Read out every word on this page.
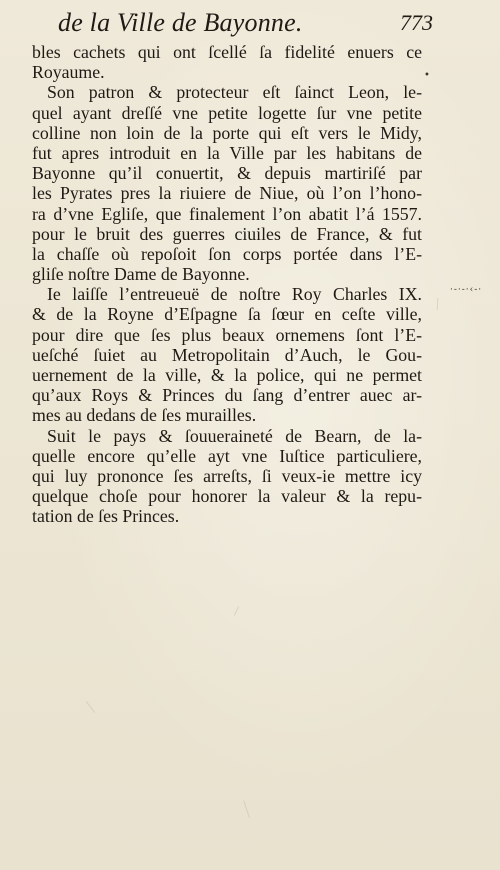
de la Ville de Bayonne.	773
bles cachets qui ont ſcellé ſa fidelité enuers ce
Royaume.
Son patron & protecteur eſt ſainct Leon, le-
quel ayant dreſſé vne petite logette ſur vne petite
colline non loin de la porte qui eſt vers le Midy,
fut apres introduit en la Ville par les habitans de
Bayonne qu’il conuertit, & depuis martiriſé par
les Pyrates pres la riuiere de Niue, où l’on l’hono-
ra d’vne Egliſe, que finalement l’on abatit l’á 1557.
pour le bruit des guerres ciuiles de France, & fut
la chaſſe où repoſoit ſon corps portée dans l’E-
gliſe noſtre Dame de Bayonne.
Ie laiſſe l’entreueuë de noſtre Roy Charles IX.
& de la Royne d’Eſpagne ſa ſœur en ceſte ville,
pour dire que ſes plus beaux ornemens ſont l’E-
ueſché ſuiet au Metropolitain d’Auch, le Gou-
uernement de la ville, & la police, qui ne permet
qu’aux Roys & Princes du ſang d’entrer auec ar-
mes au dedans de ſes murailles.
Suit le pays & ſouueraineté de Bearn, de la-
quelle encore qu’elle ayt vne Iuſtice particuliere,
qui luy prononce ſes arreſts, ſi veux-ie mettre icy
quelque choſe pour honorer la valeur & la repu-
tation de ſes Princes.
•
·-·-·‹-·
